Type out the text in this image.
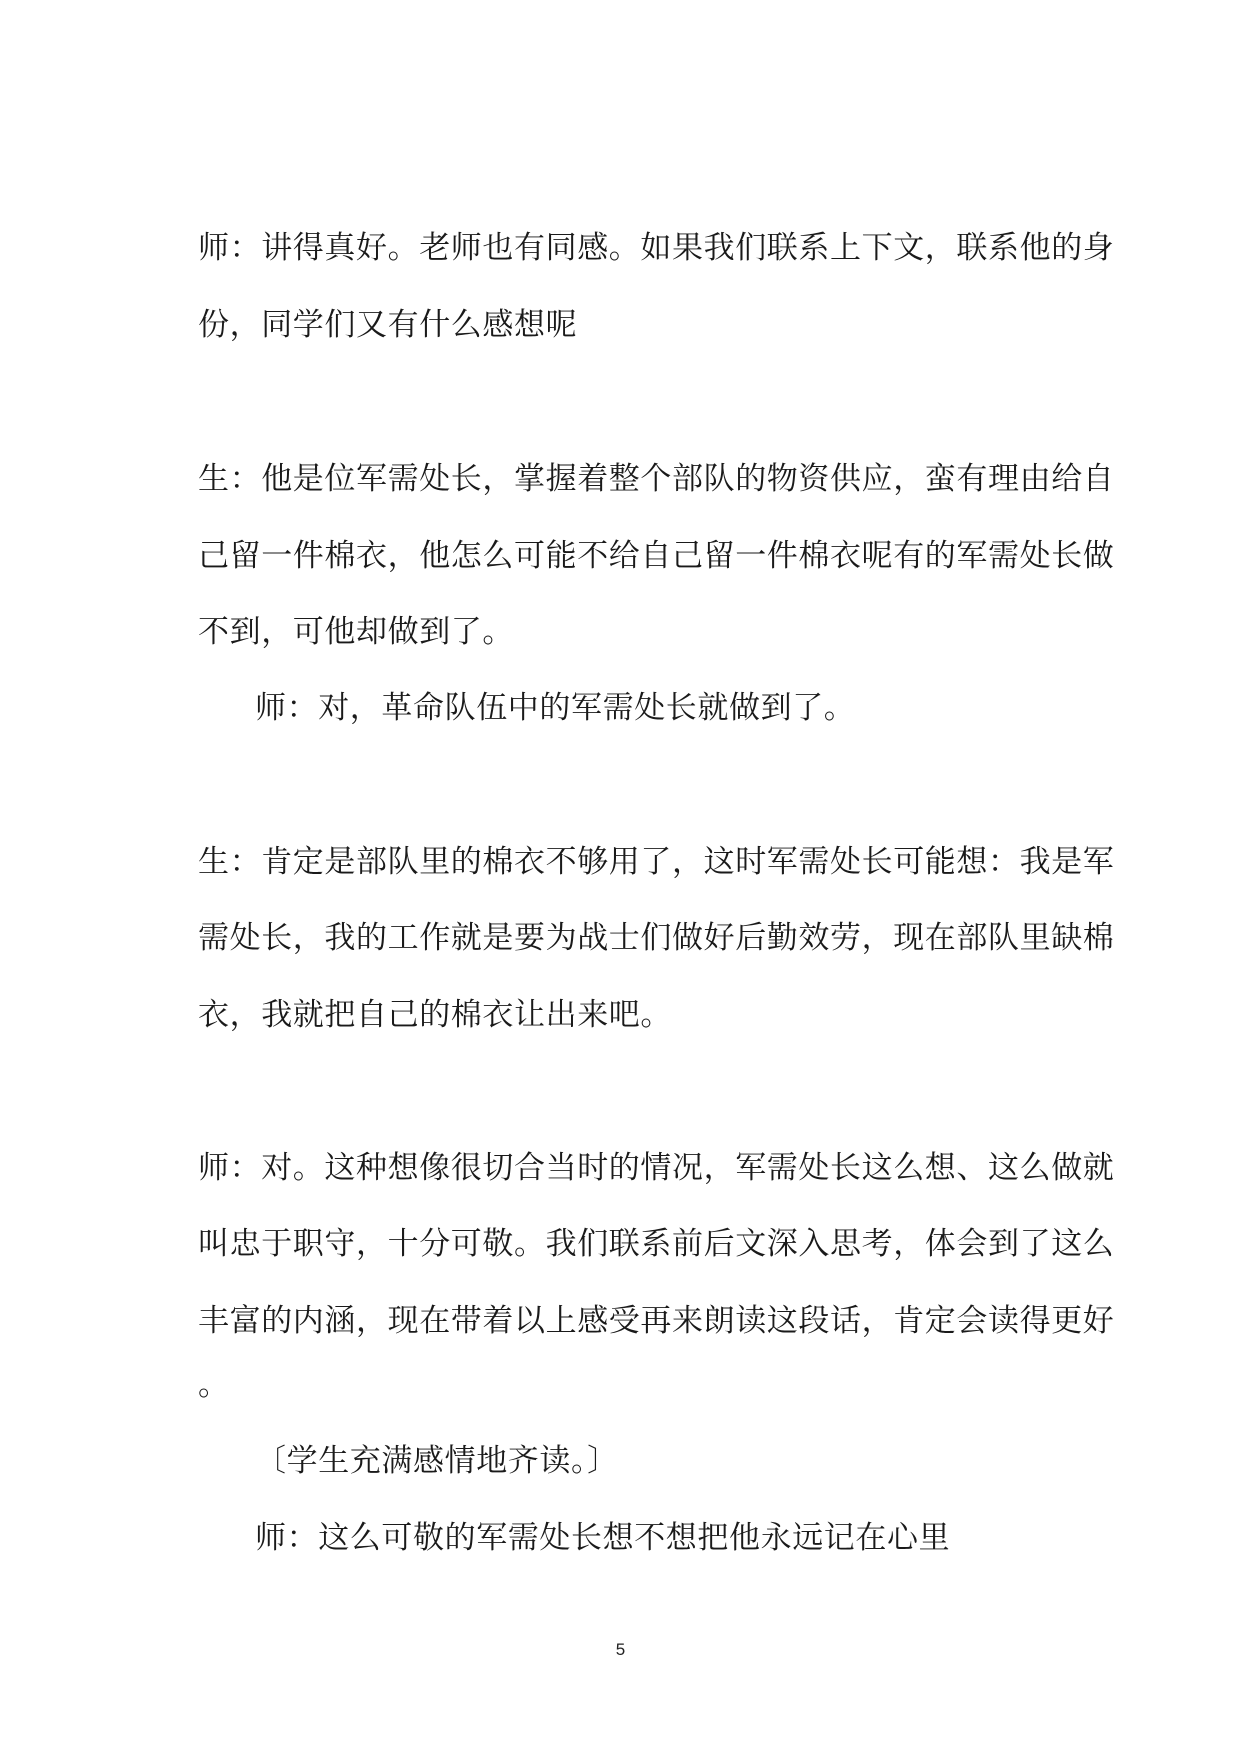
师：讲得真好。老师也有同感。如果我们联系上下文，联系他的身
份，同学们又有什么感想呢
生：他是位军需处长，掌握着整个部队的物资供应，蛮有理由给自
己留一件棉衣，他怎么可能不给自己留一件棉衣呢有的军需处长做
不到，可他却做到了。
师：对，革命队伍中的军需处长就做到了。
生：肯定是部队里的棉衣不够用了，这时军需处长可能想：我是军
需处长，我的工作就是要为战士们做好后勤效劳，现在部队里缺棉
衣，我就把自己的棉衣让出来吧。
师：对。这种想像很切合当时的情况，军需处长这么想、这么做就
叫忠于职守，十分可敬。我们联系前后文深入思考，体会到了这么
丰富的内涵，现在带着以上感受再来朗读这段话，肯定会读得更好
。
〔学生充满感情地齐读。〕
师：这么可敬的军需处长想不想把他永远记在心里
5
